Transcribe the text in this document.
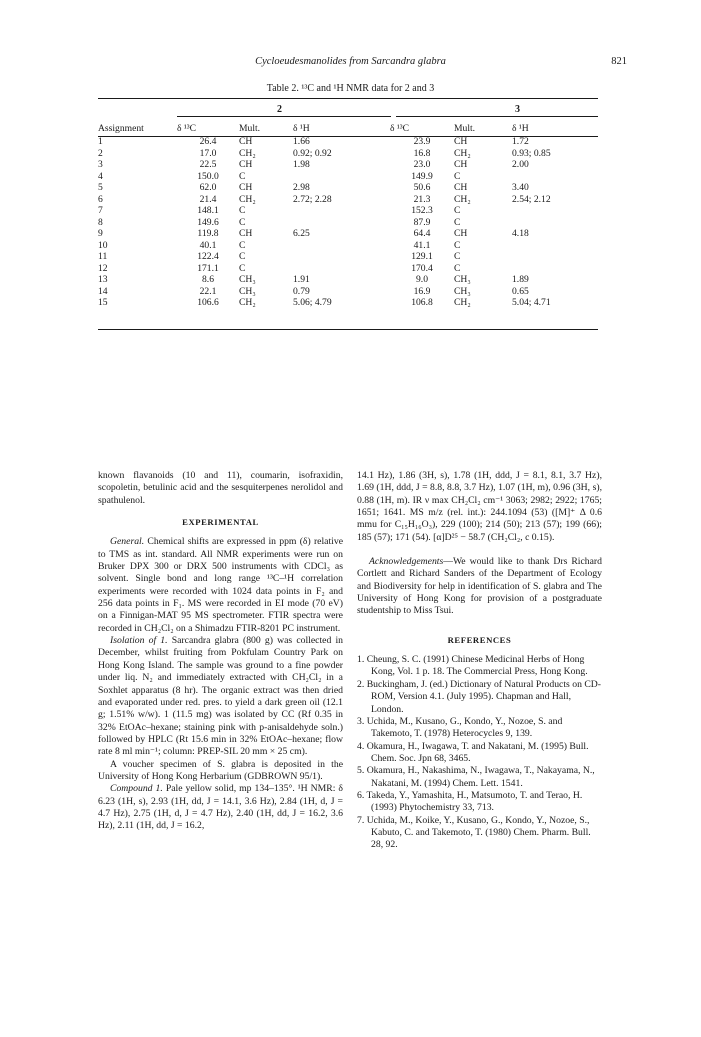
Cycloeudesmanolides from Sarcandra glabra	821
Table 2. ¹³C and ¹H NMR data for 2 and 3
2	3
Assignment	δ ¹³C	Mult.	δ ¹H	δ ¹³C	Mult.	δ ¹H
1	26.4	CH	1.66	23.9	CH	1.72
2	17.0	CH₂	0.92; 0.92	16.8	CH₂	0.93; 0.85
3	22.5	CH	1.98	23.0	CH	2.00
4	150.0	C		149.9	C	
5	62.0	CH	2.98	50.6	CH	3.40
6	21.4	CH₂	2.72; 2.28	21.3	CH₂	2.54; 2.12
7	148.1	C		152.3	C	
8	149.6	C		87.9	C	
9	119.8	CH	6.25	64.4	CH	4.18
10	40.1	C		41.1	C	
11	122.4	C		129.1	C	
12	171.1	C		170.4	C	
13	8.6	CH₃	1.91	9.0	CH₃	1.89
14	22.1	CH₃	0.79	16.9	CH₃	0.65
15	106.6	CH₂	5.06; 4.79	106.8	CH₂	5.04; 4.71

known flavanoids (10 and 11), coumarin, isofraxidin, scopoletin, betulinic acid and the sesquiterpenes nerolidol and spathulenol.

EXPERIMENTAL

General. Chemical shifts are expressed in ppm (δ) relative to TMS as int. standard. All NMR experiments were run on Bruker DPX 300 or DRX 500 instruments with CDCl₃ as solvent. Single bond and long range ¹³C–¹H correlation experiments were recorded with 1024 data points in F₂ and 256 data points in F₁. MS were recorded in EI mode (70 eV) on a Finnigan-MAT 95 MS spectrometer. FTIR spectra were recorded in CH₂Cl₂ on a Shimadzu FTIR-8201 PC instrument.

Isolation of 1. Sarcandra glabra (800 g) was collected in December, whilst fruiting from Pokfulam Country Park on Hong Kong Island. The sample was ground to a fine powder under liq. N₂ and immediately extracted with CH₂Cl₂ in a Soxhlet apparatus (8 hr). The organic extract was then dried and evaporated under red. pres. to yield a dark green oil (12.1 g; 1.51% w/w). 1 (11.5 mg) was isolated by CC (Rf 0.35 in 32% EtOAc–hexane; staining pink with p-anisaldehyde soln.) followed by HPLC (Rt 15.6 min in 32% EtOAc–hexane; flow rate 8 ml min⁻¹; column: PREP-SIL 20 mm × 25 cm).

A voucher specimen of S. glabra is deposited in the University of Hong Kong Herbarium (GDBROWN 95/1).

Compound 1. Pale yellow solid, mp 134–135°. ¹H NMR: δ 6.23 (1H, s), 2.93 (1H, dd, J = 14.1, 3.6 Hz), 2.84 (1H, d, J = 4.7 Hz), 2.75 (1H, d, J = 4.7 Hz), 2.40 (1H, dd, J = 16.2, 3.6 Hz), 2.11 (1H, dd, J = 16.2,

14.1 Hz), 1.86 (3H, s), 1.78 (1H, ddd, J = 8.1, 8.1, 3.7 Hz), 1.69 (1H, ddd, J = 8.8, 8.8, 3.7 Hz), 1.07 (1H, m), 0.96 (3H, s), 0.88 (1H, m). IR ν max CH₂Cl₂ cm⁻¹ 3063; 2982; 2922; 1765; 1651; 1641. MS m/z (rel. int.): 244.1094 (53) ([M]⁺ Δ 0.6 mmu for C₁₅H₁₆O₃), 229 (100); 214 (50); 213 (57); 199 (66); 185 (57); 171 (54). [α]D²⁵ − 58.7 (CH₂Cl₂, c 0.15).

Acknowledgements—We would like to thank Drs Richard Cortlett and Richard Sanders of the Department of Ecology and Biodiversity for help in identification of S. glabra and The University of Hong Kong for provision of a postgraduate studentship to Miss Tsui.

REFERENCES
1. Cheung, S. C. (1991) Chinese Medicinal Herbs of Hong Kong, Vol. 1 p. 18. The Commercial Press, Hong Kong.
2. Buckingham, J. (ed.) Dictionary of Natural Products on CD-ROM, Version 4.1. (July 1995). Chapman and Hall, London.
3. Uchida, M., Kusano, G., Kondo, Y., Nozoe, S. and Takemoto, T. (1978) Heterocycles 9, 139.
4. Okamura, H., Iwagawa, T. and Nakatani, M. (1995) Bull. Chem. Soc. Jpn 68, 3465.
5. Okamura, H., Nakashima, N., Iwagawa, T., Nakayama, N., Nakatani, M. (1994) Chem. Lett. 1541.
6. Takeda, Y., Yamashita, H., Matsumoto, T. and Terao, H. (1993) Phytochemistry 33, 713.
7. Uchida, M., Koike, Y., Kusano, G., Kondo, Y., Nozoe, S., Kabuto, C. and Takemoto, T. (1980) Chem. Pharm. Bull. 28, 92.
